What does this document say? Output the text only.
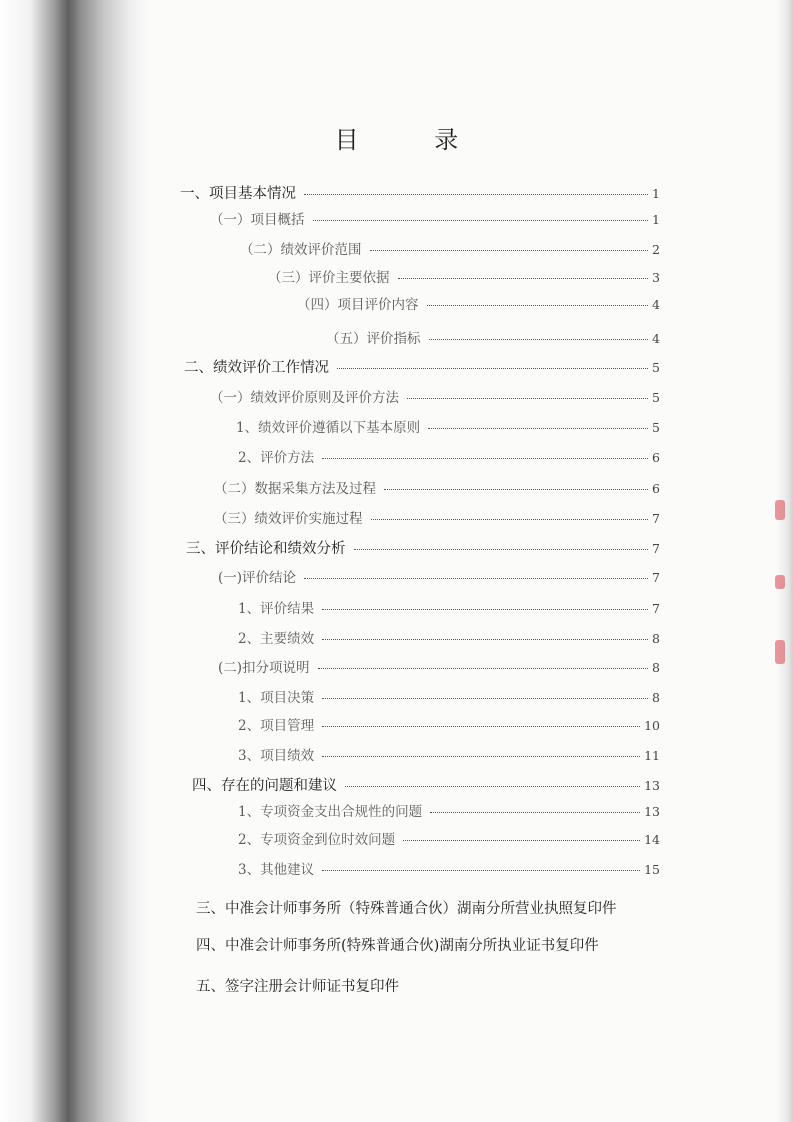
目 录
一、项目基本情况	1
（一）项目概括	1
（二）绩效评价范围	2
（三）评价主要依据	3
（四）项目评价内容	4
（五）评价指标	4
二、绩效评价工作情况	5
（一）绩效评价原则及评价方法	5
1、绩效评价遵循以下基本原则	5
2、评价方法	6
（二）数据采集方法及过程	6
（三）绩效评价实施过程	7
三、评价结论和绩效分析	7
(一)评价结论	7
1、评价结果	7
2、主要绩效	8
(二)扣分项说明	8
1、项目决策	8
2、项目管理	10
3、项目绩效	11
四、存在的问题和建议	13
1、专项资金支出合规性的问题	13
2、专项资金到位时效问题	14
3、其他建议	15
三、中准会计师事务所（特殊普通合伙）湖南分所营业执照复印件
四、中准会计师事务所(特殊普通合伙)湖南分所执业证书复印件
五、签字注册会计师证书复印件
